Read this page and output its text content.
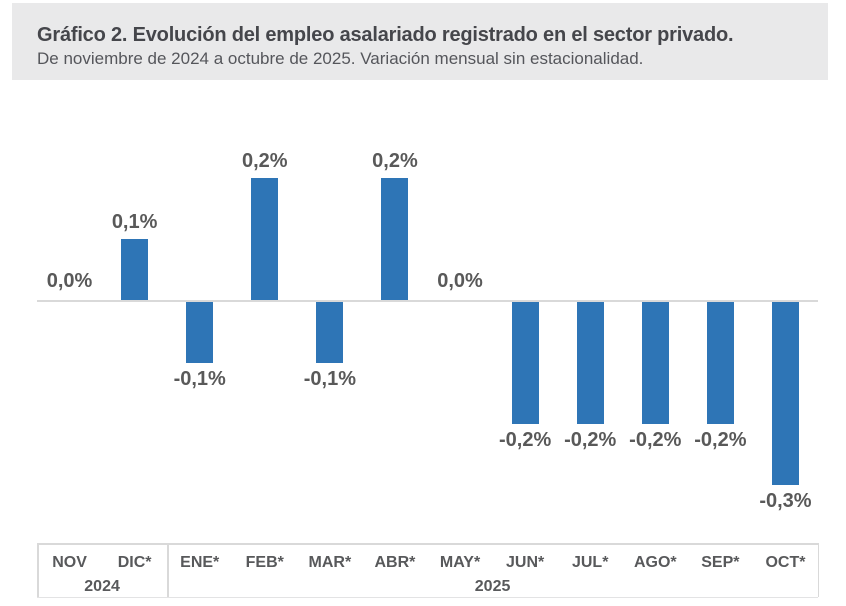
Gráfico 2. Evolución del empleo asalariado registrado en el sector privado.
De noviembre de 2024 a octubre de 2025. Variación mensual sin estacionalidad.
0,0%
0,1%
-0,1%
0,2%
-0,1%
0,2%
0,0%
-0,2% -0,2% -0,2% -0,2%
-0,3%
NOV	DIC*	ENE*	FEB*	MAR*	ABR*	MAY*	JUN*	JUL*	AGO*	SEP*	OCT*
2024	2025
